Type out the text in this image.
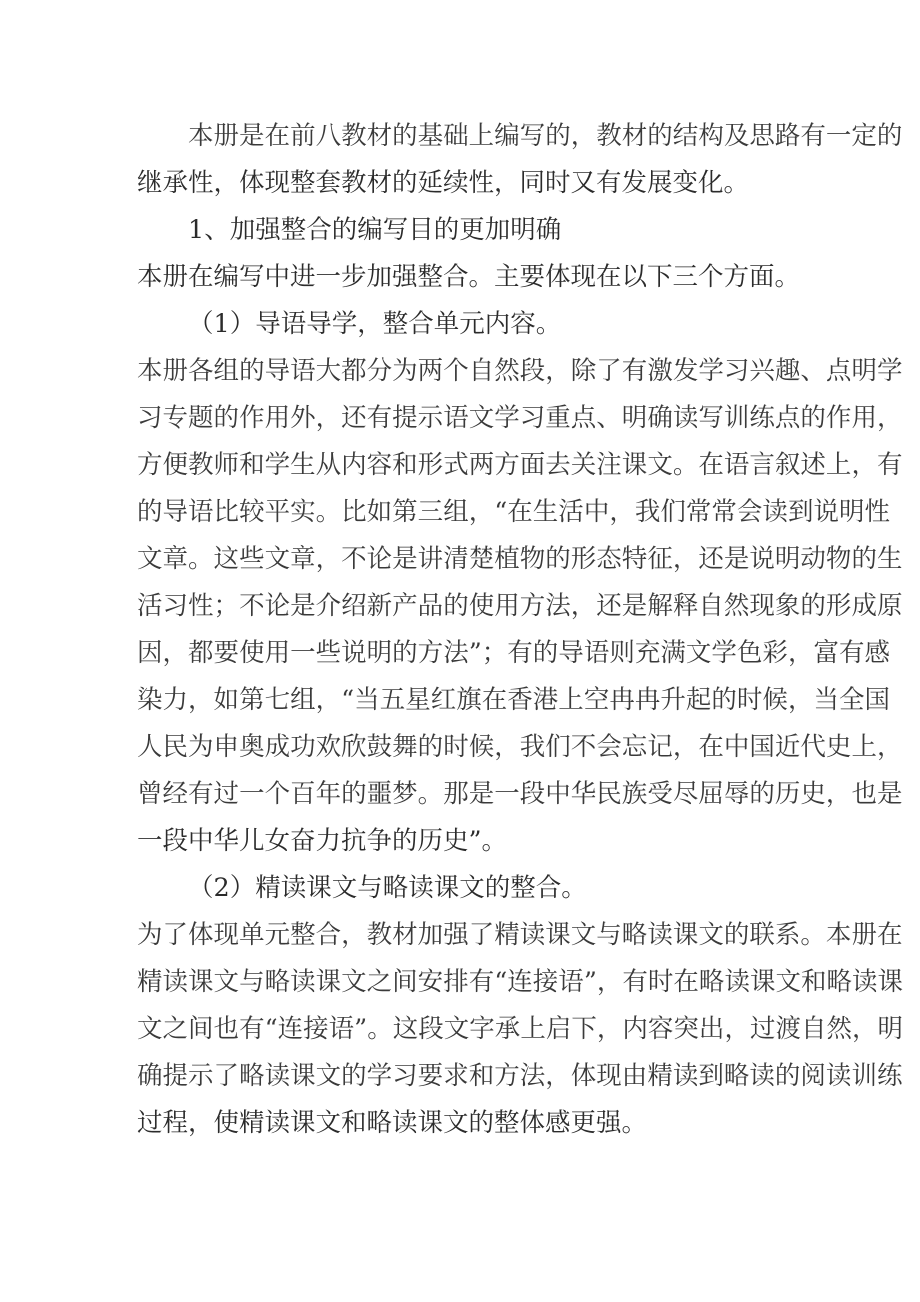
本 册 是 在 前 八 教 材 的 基 础 上 编 写 的 ， 教 材 的 结 构 及 思 路 有 一 定 的
继承性，体现整套教材的延续性，同时又有发展变化。
1、加强整合的编写目的更加明确
本册在编写中进一步加强整合。主要体现在以下三个方面。
（1）导语导学，整合单元内容。
本 册 各 组 的 导 语 大 都 分 为 两 个 自 然 段 ， 除 了 有 激 发 学 习 兴 趣 、 点 明 学
习 专 题 的 作 用 外 ， 还 有 提 示 语 文 学 习 重 点 、 明 确 读 写 训 练 点 的 作 用 ，
方 便 教 师 和 学 生 从 内 容 和 形 式 两 方 面 去 关 注 课 文 。 在 语 言 叙 述 上 ， 有
的 导 语 比 较 平 实 。 比 如 第 三 组 ， “ 在 生 活 中 ， 我 们 常 常 会 读 到 说 明 性
文 章 。 这 些 文 章 ， 不 论 是 讲 清 楚 植 物 的 形 态 特 征 ， 还 是 说 明 动 物 的 生
活 习 性 ； 不 论 是 介 绍 新 产 品 的 使 用 方 法 ， 还 是 解 释 自 然 现 象 的 形 成 原
因 ， 都 要 使 用 一 些 说 明 的 方 法 ” ； 有 的 导 语 则 充 满 文 学 色 彩 ， 富 有 感
染 力 ， 如 第 七 组 ， “ 当 五 星 红 旗 在 香 港 上 空 冉 冉 升 起 的 时 候 ， 当 全 国
人 民 为 申 奥 成 功 欢 欣 鼓 舞 的 时 候 ， 我 们 不 会 忘 记 ， 在 中 国 近 代 史 上 ，
曾 经 有 过 一 个 百 年 的 噩 梦 。 那 是 一 段 中 华 民 族 受 尽 屈 辱 的 历 史 ， 也 是
一段中华儿女奋力抗争的历史”。
（2）精读课文与略读课文的整合。
为 了 体 现 单 元 整 合 ， 教 材 加 强 了 精 读 课 文 与 略 读 课 文 的 联 系 。 本 册 在
精 读 课 文 与 略 读 课 文 之 间 安 排 有 “ 连 接 语 ” ， 有 时 在 略 读 课 文 和 略 读 课
文 之 间 也 有 “ 连 接 语 ” 。 这 段 文 字 承 上 启 下 ， 内 容 突 出 ， 过 渡 自 然 ， 明
确 提 示 了 略 读 课 文 的 学 习 要 求 和 方 法 ， 体 现 由 精 读 到 略 读 的 阅 读 训 练
过程，使精读课文和略读课文的整体感更强。
